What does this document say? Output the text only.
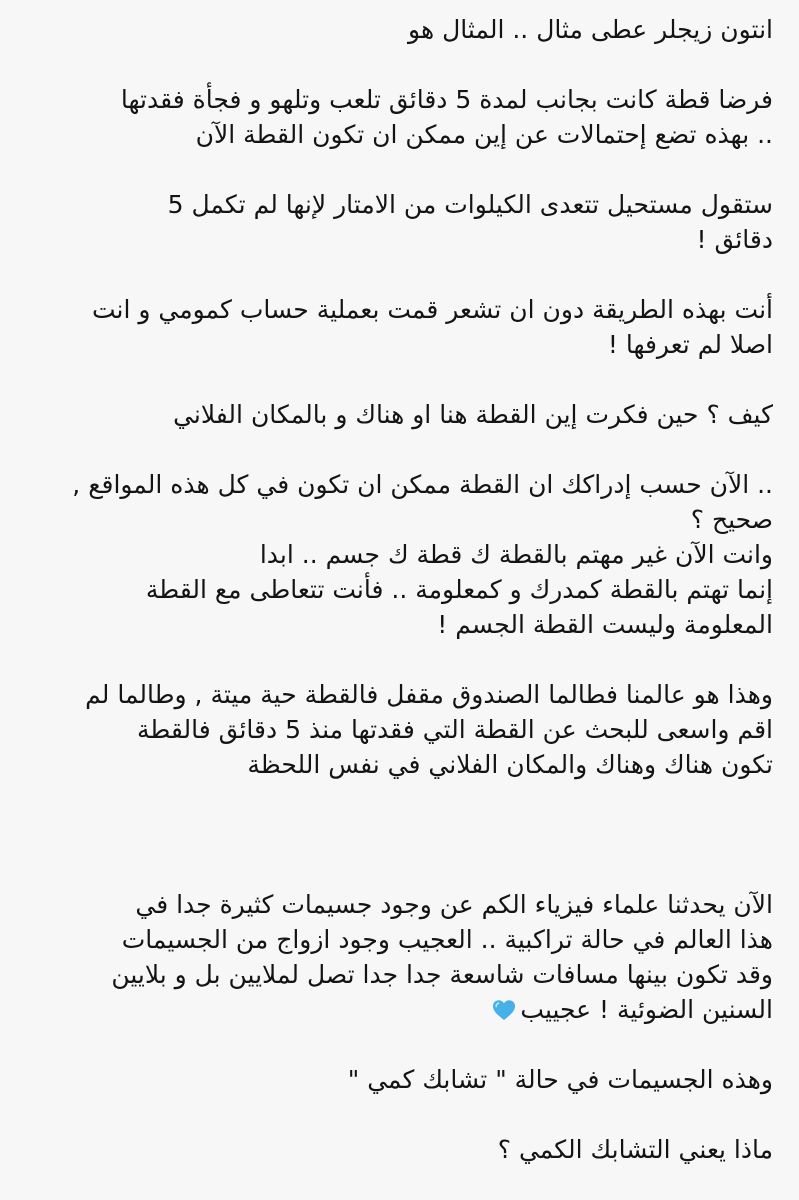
انتون زيجلر عطى مثال .. المثال هو

فرضا قطة كانت بجانب لمدة 5 دقائق تلعب وتلهو و فجأة فقدتها
.. بهذه تضع إحتمالات عن إين ممكن ان تكون القطة الآن

ستقول مستحيل تتعدى الكيلوات من الامتار لإنها لم تكمل 5
دقائق !

أنت بهذه الطريقة دون ان تشعر قمت بعملية حساب كمومي و انت
اصلا لم تعرفها !

كيف ؟ حين فكرت إين القطة هنا او هناك و بالمكان الفلاني

.. الآن حسب إدراكك ان القطة ممكن ان تكون في كل هذه المواقع ,
صحيح ؟
وانت الآن غير مهتم بالقطة ك قطة ك جسم .. ابدا
إنما تهتم بالقطة كمدرك و كمعلومة .. فأنت تتعاطى مع القطة
المعلومة وليست القطة الجسم !

وهذا هو عالمنا فطالما الصندوق مقفل فالقطة حية ميتة , وطالما لم
اقم واسعى للبحث عن القطة التي فقدتها منذ 5 دقائق فالقطة
تكون هناك وهناك والمكان الفلاني في نفس اللحظة

الآن يحدثنا علماء فيزياء الكم عن وجود جسيمات كثيرة جدا في
هذا العالم في حالة تراكبية .. العجيب وجود ازواج من الجسيمات
وقد تكون بينها مسافات شاسعة جدا جدا تصل لملايين بل و بلايين
السنين الضوئية ! عجييب

وهذه الجسيمات في حالة " تشابك كمي "

ماذا يعني التشابك الكمي ؟
